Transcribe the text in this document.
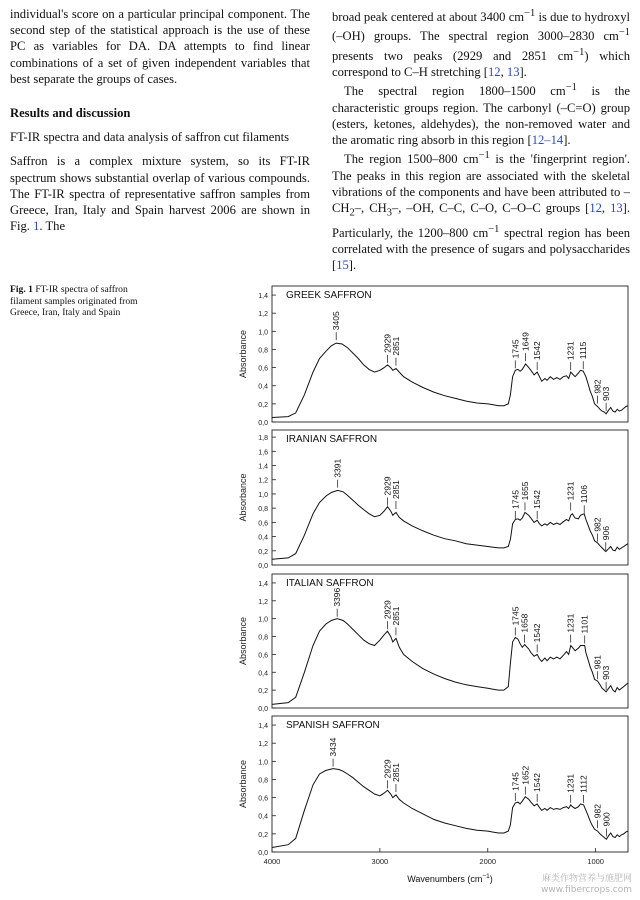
individual's score on a particular principal component. The second step of the statistical approach is the use of these PC as variables for DA. DA attempts to find linear combinations of a set of given independent variables that best separate the groups of cases.

Results and discussion
FT-IR spectra and data analysis of saffron cut filaments

Saffron is a complex mixture system, so its FT-IR spectrum shows substantial overlap of various compounds. The FT-IR spectra of representative saffron samples from Greece, Iran, Italy and Spain harvest 2006 are shown in Fig. 1. The

broad peak centered at about 3400 $cm^{-1}$ is due to hydroxyl (–OH) groups. The spectral region 3000–2830 $cm^{-1}$ presents two peaks (2929 and 2851 $cm^{-1}$) which correspond to C–H stretching [12, 13].

The spectral region 1800–1500 $cm^{-1}$ is the characteristic groups region. The carbonyl (–C=O) group (esters, ketones, aldehydes), the non-removed water and the aromatic ring absorb in this region [12–14].

The region 1500–800 $cm^{-1}$ is the 'fingerprint region'. The peaks in this region are associated with the skeletal vibrations of the components and have been attributed to $-CH_2-$, $CH_3-$, –OH, C–C, C–O, C–O–C groups [12, 13]. Particularly, the 1200–800 $cm^{-1}$ spectral region has been correlated with the presence of sugars and polysaccharides [15].

Fig. 1 FT-IR spectra of saffron filament samples originated from Greece, Iran, Italy and Spain
0,0
0,2
0,4
0,6
0,8
1,0
1,2
1,4
Absorbance
GREEK SAFFRON
3405
2929
2851	1745 1649 1542	1231 1115
982
903
0,0
0,2
0,4
0,6
0,8
1,0
1,2
1,4
1,6
1,8
Absorbance
IRANIAN SAFFRON
3391
2929
2851
1745 1655 1542	1231 1106
982
906
0,0
0,2
0,4
0,6
0,8
1,0
1,2
1,4
Absorbance
ITALIAN SAFFRON
3396
2929
2851	1745 1658
1542
1231 1101
981
903
0,0
0,2
0,4
0,6
0,8
1,0
1,2
1,4
Absorbance
SPANISH SAFFRON
3434
2929
2851	1745 1652 1542	1231 1112
982
900
4000	3000	2000	1000
Wavenumbers $(cm^{-1})$	麻类作物营养与施肥网
www.fibercrops.com
